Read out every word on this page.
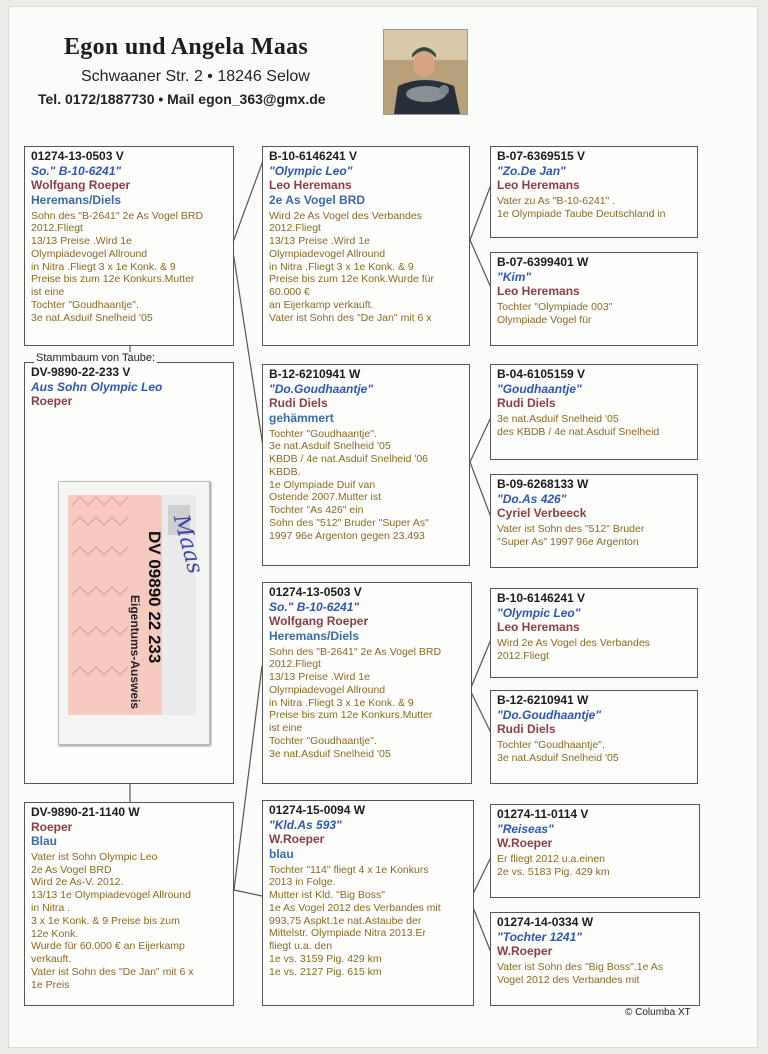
Egon und Angela Maas
Schwaaner Str. 2 • 18246 Selow
Tel. 0172/1887730 • Mail egon_363@gmx.de
DV-9890-22-233 V
Aus Sohn Olympic Leo
Roeper
Stammbaum von Taube:
01274-13-0503 V
So." B-10-6241"
Wolfgang Roeper
Heremans/Diels
Sohn des "B-2641" 2e As Vogel BRD
2012.Fliegt
13/13 Preise .Wird 1e
Olympiadevogel Allround
in Nitra .Fliegt 3 x 1e Konk. & 9
Preise bis zum 12e Konkurs.Mutter
ist eine
Tochter "Goudhaantje".
3e nat.Asduif Snelheid '05
DV-9890-21-1140 W
Roeper
Blau
Vater ist Sohn Olympic Leo
2e As Vogel BRD
Wird 2e As-V. 2012.
13/13 1e Olympiadevogel Allround
in Nitra .
3 x 1e Konk. & 9 Preise bis zum
12e Konk.
Wurde für 60.000 € an Eijerkamp
verkauft.
Vater ist Sohn des "De Jan" mit 6 x
1e Preis
B-10-6146241 V
"Olympic Leo"
Leo Heremans
2e As Vogel BRD
Wird 2e As Vogel des Verbandes
2012.Fliegt
13/13 Preise .Wird 1e
Olympiadevogel Allround
in Nitra .Fliegt 3 x 1e Konk. & 9
Preise bis zum 12e Konk.Wurde für
60.000 €
an Eijerkamp verkauft.
Vater ist Sohn des "De Jan" mit 6 x
B-12-6210941 W
"Do.Goudhaantje"
Rudi Diels
gehämmert
Tochter "Goudhaantje".
3e nat.Asduif Snelheid '05
KBDB / 4e nat.Asduif Snelheid '06
KBDB.
1e Olympiade Duif van
Ostende 2007.Mutter ist
Tochter "As 426" ein
Sohn des "512" Bruder "Super As"
1997 96e Argenton gegen 23.493
01274-13-0503 V
So." B-10-6241"
Wolfgang Roeper
Heremans/Diels
Sohn des "B-2641" 2e As Vogel BRD
2012.Fliegt
13/13 Preise .Wird 1e
Olympiadevogel Allround
in Nitra .Fliegt 3 x 1e Konk. & 9
Preise bis zum 12e Konkurs.Mutter
ist eine
Tochter "Goudhaantje".
3e nat.Asduif Snelheid '05
01274-15-0094 W
"Kld.As 593"
W.Roeper
blau
Tochter "114" fliegt 4 x 1e Konkurs
2013 in Folge.
Mutter ist Kld. "Big Boss"
1e As Vogel 2012 des Verbandes mit
993,75 Aspkt.1e nat.Astaube der
Mittelstr. Olympiade Nitra 2013.Er
fliegt u.a. den
1e vs. 3159 Pig. 429 km
1e vs. 2127 Pig. 615 km
B-07-6369515 V
"Zo.De Jan"
Leo Heremans
Vater zu As "B-10-6241" .
1e Olympiade Taube Deutschland in
B-07-6399401 W
"Kim"
Leo Heremans
Tochter "Olympiade 003"
Olympiade Vogel für
B-04-6105159 V
"Goudhaantje"
Rudi Diels
3e nat.Asduif Snelheid '05
des KBDB / 4e nat.Asduif Snelheid
B-09-6268133 W
"Do.As 426"
Cyriel Verbeeck
Vater ist Sohn des "512" Bruder
"Super As" 1997 96e Argenton
B-10-6146241 V
"Olympic Leo"
Leo Heremans
Wird 2e As Vogel des Verbandes
2012.Fliegt
B-12-6210941 W
"Do.Goudhaantje"
Rudi Diels
Tochter "Goudhaantje".
3e nat.Asduif Snelheid '05
01274-11-0114 V
"Reiseas"
W.Roeper
Er fliegt 2012 u.a.einen
2e vs. 5183 Pig. 429 km
01274-14-0334 W
"Tochter 1241"
W.Roeper
Vater ist Sohn des "Big Boss".1e As
Vogel 2012 des Verbandes mit
Eigentums-Ausweis DV 09890 22 233 Maas
© Columba XT
